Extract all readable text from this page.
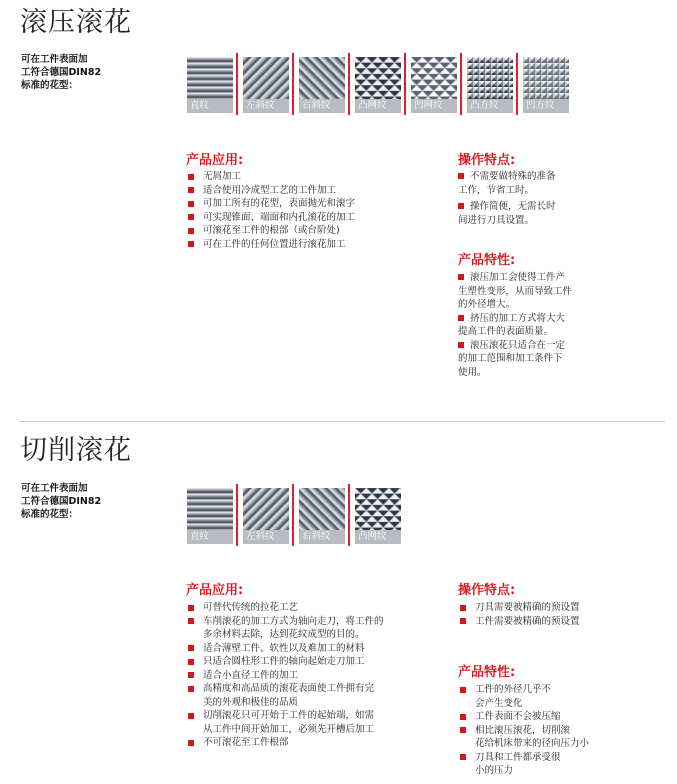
滚压滚花
可在工件表面加
工符合德国DIN82
标准的花型：
直纹	左斜纹	右斜纹	凸网纹	凹网纹	凸方纹	凹方纹
产品应用:
无屑加工
适合使用冷成型工艺的工件加工
可加工所有的花型，表面抛光和滚字
可实现锥面、端面和内孔滚花的加工
可滚花至工件的根部（或台阶处)
可在工件的任何位置进行滚花加工
操作特点:
不需要做特殊的准备
工作，节省工时。
操作简便，无需长时
间进行刀具设置。
产品特性:
滚压加工会使得工件产
生塑性变形，从而导致工件
的外径增大。
挤压的加工方式将大大
提高工件的表面质量。
滚压滚花只适合在一定
的加工范围和加工条件下
使用。
切削滚花
可在工件表面加
工符合德国DIN82
标准的花型：
直纹	左斜纹	右斜纹	凸网纹
产品应用:
可替代传统的拉花工艺
车削滚花的加工方式为轴向走刀，将工件的
多余材料去除，达到花纹成型的目的。
适合薄壁工件、软性以及难加工的材料
只适合圆柱形工件的轴向起始走刀加工
适合小直径工件的加工
高精度和高品质的滚花表面使工件拥有完
美的外观和极佳的品质
切削滚花只可开始于工件的起始端，如需
从工件中间开始加工，必须先开槽后加工
不可滚花至工件根部
操作特点:
刀具需要被精确的预设置
工件需要被精确的预设置
产品特性:
工件的外径几乎不
会产生变化
工件表面不会被压缩
相比滚压滚花，切削滚
花给机床带来的径向压力小
刀具和工件都承受很
小的压力
